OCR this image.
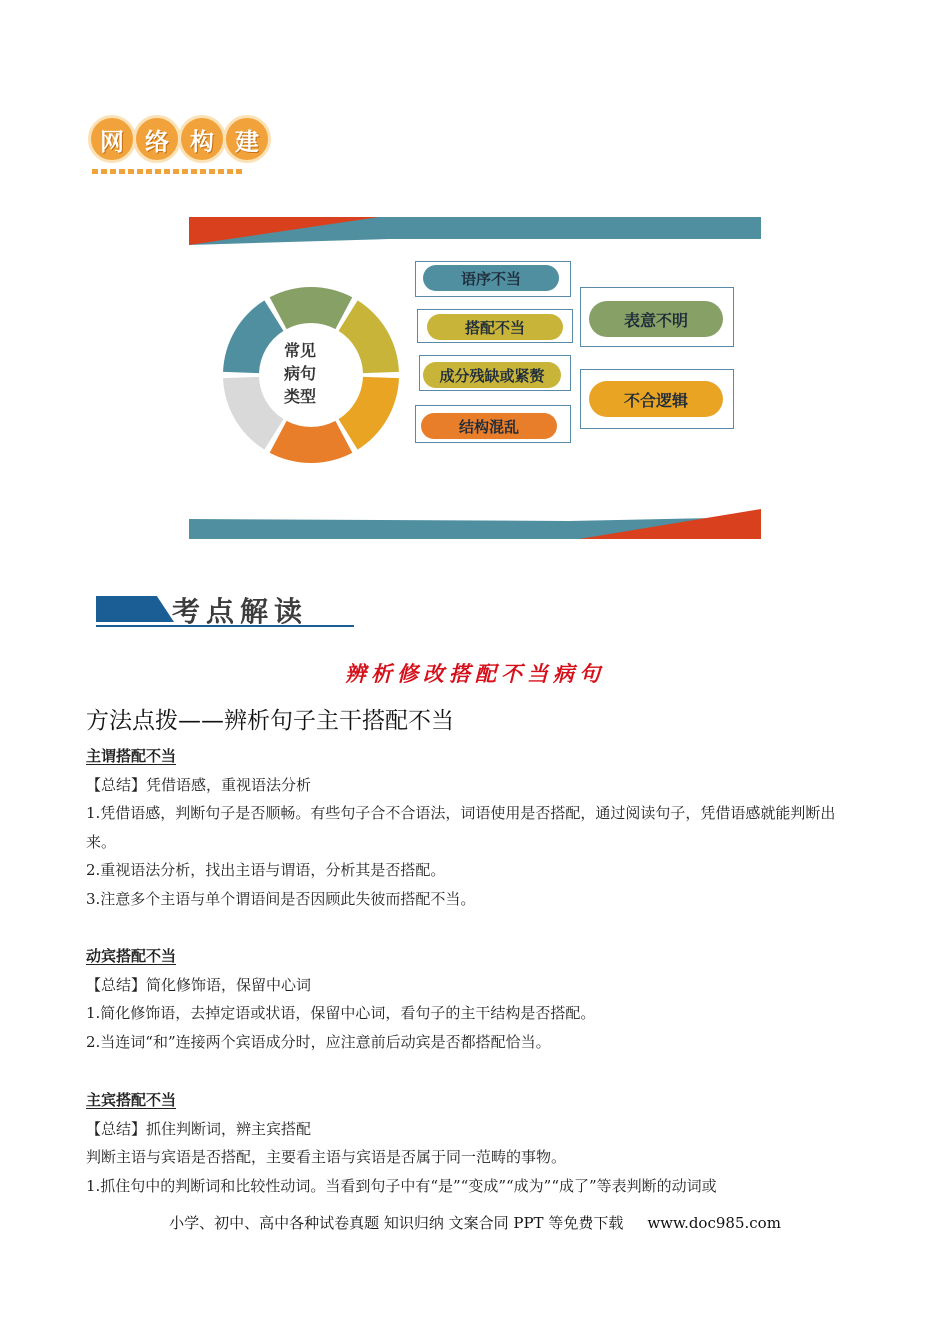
网 络 构 建
常见
病句
类型
语序不当
搭配不当
成分残缺或紧赘
结构混乱
表意不明
不合逻辑
考点解读
辨析修改搭配不当病句
方法点拨——辨析句子主干搭配不当

主谓搭配不当

【总结】凭借语感，重视语法分析

1.凭借语感，判断句子是否顺畅。有些句子合不合语法，词语使用是否搭配，通过阅读句子，凭借语感就能判断出来。

2.重视语法分析，找出主语与谓语，分析其是否搭配。

3.注意多个主语与单个谓语间是否因顾此失彼而搭配不当。

动宾搭配不当

【总结】简化修饰语，保留中心词

1.简化修饰语，去掉定语或状语，保留中心词，看句子的主干结构是否搭配。

2.当连词“和”连接两个宾语成分时，应注意前后动宾是否都搭配恰当。

主宾搭配不当

【总结】抓住判断词，辨主宾搭配

判断主语与宾语是否搭配，主要看主语与宾语是否属于同一范畴的事物。

1.抓住句中的判断词和比较性动词。当看到句子中有“是”“变成”“成为”“成了”等表判断的动词或

小学、初中、高中各种试卷真题 知识归纳 文案合同 PPT 等免费下载 www.doc985.com
